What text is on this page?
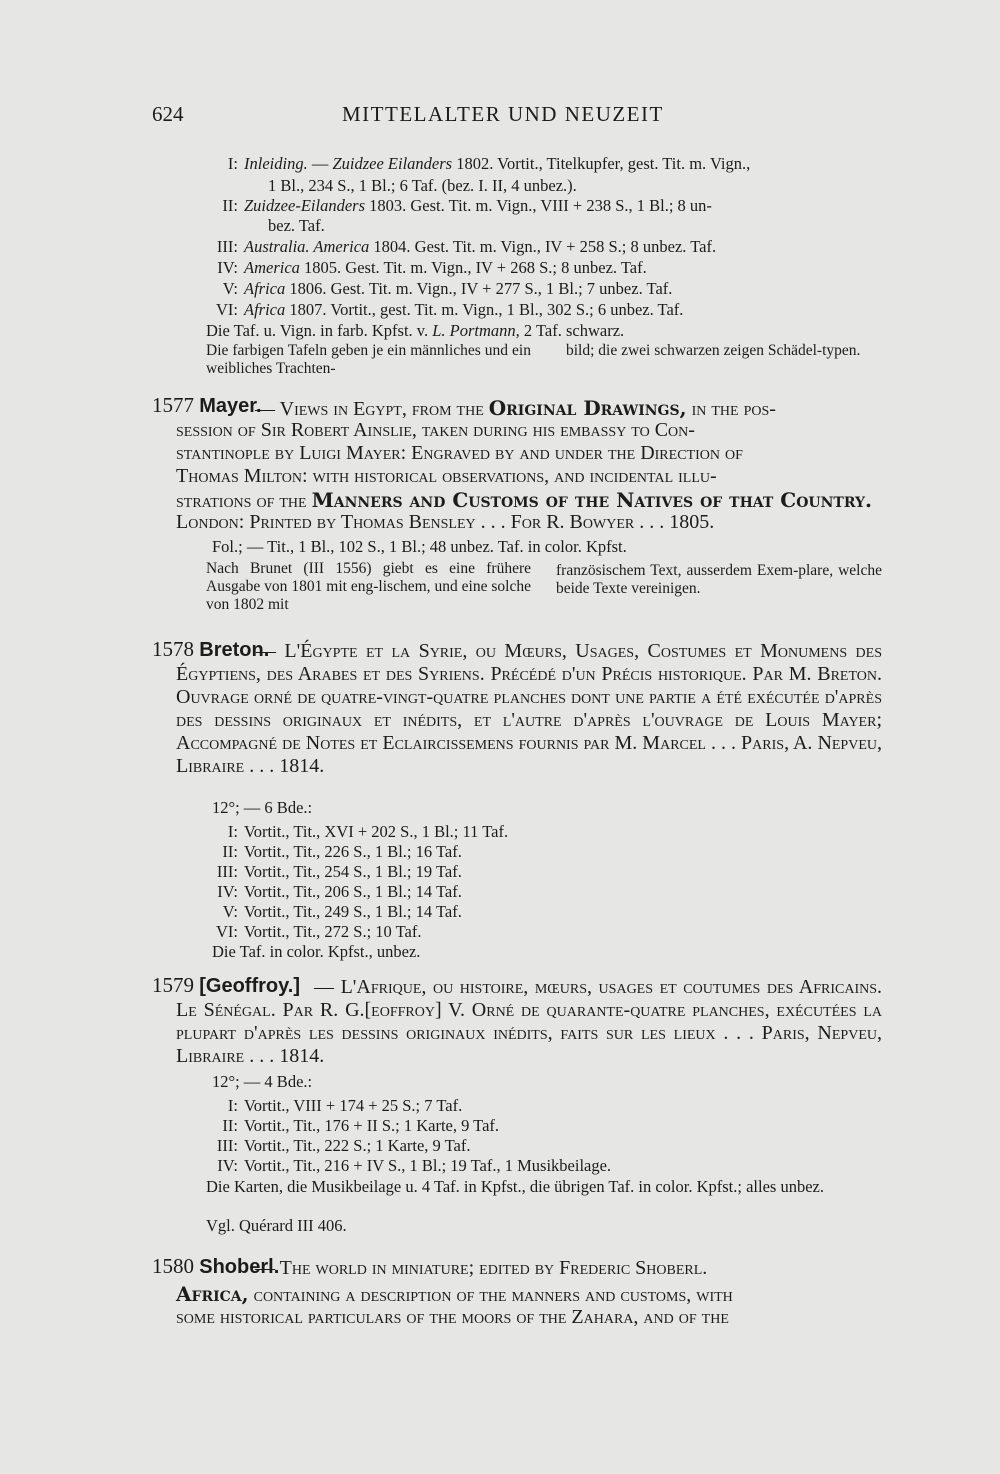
624	MITTELALTER UND NEUZEIT
I: Inleiding. — Zuidzee Eilanders 1802. Vortit., Titelkupfer, gest. Tit. m. Vign.,
1 Bl., 234 S., 1 Bl.; 6 Taf. (bez. I. II, 4 unbez.).
II: Zuidzee-Eilanders 1803. Gest. Tit. m. Vign., VIII + 238 S., 1 Bl.; 8 un-
bez. Taf.
III: Australia. America 1804. Gest. Tit. m. Vign., IV + 258 S.; 8 unbez. Taf.
IV: America 1805. Gest. Tit. m. Vign., IV + 268 S.; 8 unbez. Taf.
V: Africa 1806. Gest. Tit. m. Vign., IV + 277 S., 1 Bl.; 7 unbez. Taf.
VI: Africa 1807. Vortit., gest. Tit. m. Vign., 1 Bl., 302 S.; 6 unbez. Taf.
Die Taf. u. Vign. in farb. Kpfst. v. L. Portmann, 2 Taf. schwarz.
Die farbigen Tafeln geben je ein männliches und ein weibliches Trachten-
bild; die zwei schwarzen zeigen Schädel-typen.
1577 Mayer.
— Views in Egypt, from the Original Drawings, in the pos-
session of Sir Robert Ainslie, taken during his embassy to Con-
stantinople by Luigi Mayer: Engraved by and under the Direction of
Thomas Milton: with historical observations, and incidental illu-
strations of the Manners and Customs of the Natives of that Country.
London: Printed by Thomas Bensley . . . For R. Bowyer . . . 1805.
Fol.; — Tit., 1 Bl., 102 S., 1 Bl.; 48 unbez. Taf. in color. Kpfst.
Nach Brunet (III 1556) giebt es eine frühere Ausgabe von 1801 mit eng-lischem, und eine solche von 1802 mit
französischem Text, ausserdem Exem-plare, welche beide Texte vereinigen.
1578 Breton.
— L'Égypte et la Syrie, ou Mœurs, Usages, Costumes et Monumens des Égyptiens, des Arabes et des Syriens. Précédé d'un Précis historique. Par M. Breton. Ouvrage orné de quatre-vingt-quatre planches dont une partie a été exécutée d'après des dessins originaux et inédits, et l'autre d'après l'ouvrage de Louis Mayer; Accompagné de Notes et Eclaircissemens fournis par M. Marcel . . . Paris, A. Nepveu, Libraire . . . 1814.
12°; — 6 Bde.:
I: Vortit., Tit., XVI + 202 S., 1 Bl.; 11 Taf.
II: Vortit., Tit., 226 S., 1 Bl.; 16 Taf.
III: Vortit., Tit., 254 S., 1 Bl.; 19 Taf.
IV: Vortit., Tit., 206 S., 1 Bl.; 14 Taf.
V: Vortit., Tit., 249 S., 1 Bl.; 14 Taf.
VI: Vortit., Tit., 272 S.; 10 Taf.
Die Taf. in color. Kpfst., unbez.
1579 [Geoffroy.] — L'Afrique, ou histoire, mœurs, usages et coutumes des Africains. Le Sénégal. Par R. G.[eoffroy] V. Orné de quarante-quatre planches, exécutées la plupart d'après les dessins originaux inédits, faits sur les lieux . . . Paris, Nepveu, Libraire . . . 1814.
12°; — 4 Bde.:
I: Vortit., VIII + 174 + 25 S.; 7 Taf.
II: Vortit., Tit., 176 + II S.; 1 Karte, 9 Taf.
III: Vortit., Tit., 222 S.; 1 Karte, 9 Taf.
IV: Vortit., Tit., 216 + IV S., 1 Bl.; 19 Taf., 1 Musikbeilage.
Die Karten, die Musikbeilage u. 4 Taf. in Kpfst., die übrigen Taf. in color. Kpfst.; alles unbez.
Vgl. Quérard III 406.
1580 Shoberl.
— The world in miniature; edited by Frederic Shoberl.
Africa, containing a description of the manners and customs, with
some historical particulars of the moors of the Zahara, and of the
